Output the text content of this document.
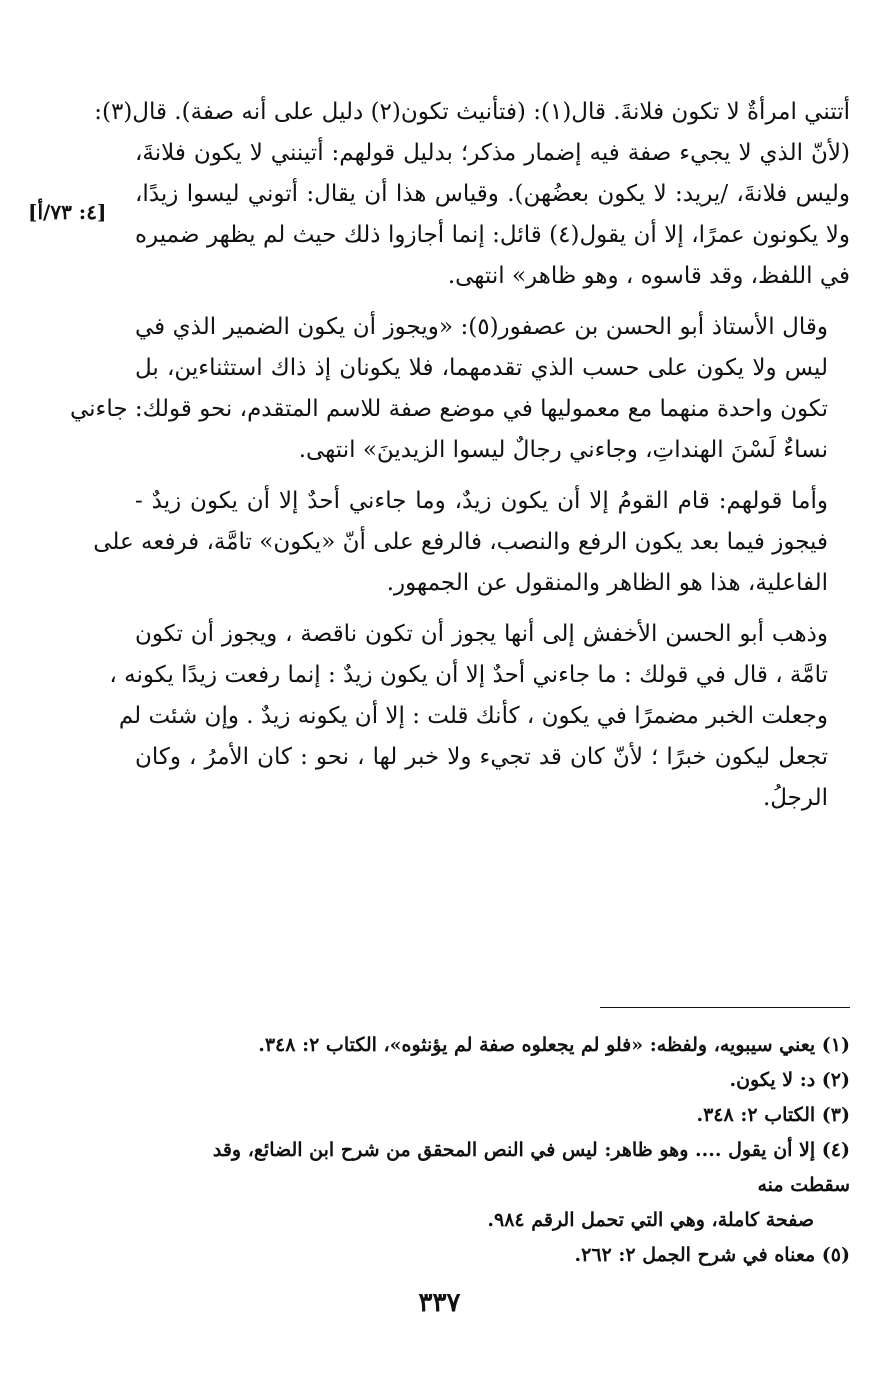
[٤: ٧٣/أ]

أتتني امرأةٌ لا تكون فلانةَ. قال(١): (فتأنيث تكون(٢) دليل على أنه صفة). قال(٣):
(لأنّ الذي لا يجيء صفة فيه إضمار مذكر؛ بدليل قولهم: أتينني لا يكون فلانةَ،
وليس فلانةَ، /يريد: لا يكون بعضُهن). وقياس هذا أن يقال: أتوني ليسوا زيدًا،
ولا يكونون عمرًا، إلا أن يقول(٤) قائل: إنما أجازوا ذلك حيث لم يظهر ضميره
في اللفظ، وقد قاسوه ، وهو ظاهر» انتهى.

وقال الأستاذ أبو الحسن بن عصفور(٥): «ويجوز أن يكون الضمير الذي في
ليس ولا يكون على حسب الذي تقدمهما، فلا يكونان إذ ذاك استثناءين، بل
تكون واحدة منهما مع معموليها في موضع صفة للاسم المتقدم، نحو قولك: جاءني
نساءٌ لَسْنَ الهنداتِ، وجاءني رجالٌ ليسوا الزيدينَ» انتهى.

وأما قولهم: قام القومُ إلا أن يكون زيدٌ، وما جاءني أحدٌ إلا أن يكون زيدٌ -
فيجوز فيما بعد يكون الرفع والنصب، فالرفع على أنّ «يكون» تامَّة، فرفعه على
الفاعلية، هذا هو الظاهر والمنقول عن الجمهور.

وذهب أبو الحسن الأخفش إلى أنها يجوز أن تكون ناقصة ، ويجوز أن تكون
تامَّة ، قال في قولك : ما جاءني أحدٌ إلا أن يكون زيدٌ : إنما رفعت زيدًا يكونه ،
وجعلت الخبر مضمرًا في يكون ، كأنك قلت : إلا أن يكونه زيدٌ . وإن شئت لم
تجعل ليكون خبرًا ؛ لأنّ كان قد تجيء ولا خبر لها ، نحو : كان الأمرُ ، وكان
الرجلُ.

(١) يعني سيبويه، ولفظه: «فلو لم يجعلوه صفة لم يؤنثوه»، الكتاب ٢: ٣٤٨.

(٢) د: لا يكون.

(٣) الكتاب ٢: ٣٤٨.

(٤) إلا أن يقول .... وهو ظاهر: ليس في النص المحقق من شرح ابن الضائع، وقد سقطت منه
صفحة كاملة، وهي التي تحمل الرقم ٩٨٤.

(٥) معناه في شرح الجمل ٢: ٢٦٢.

٣٣٧
